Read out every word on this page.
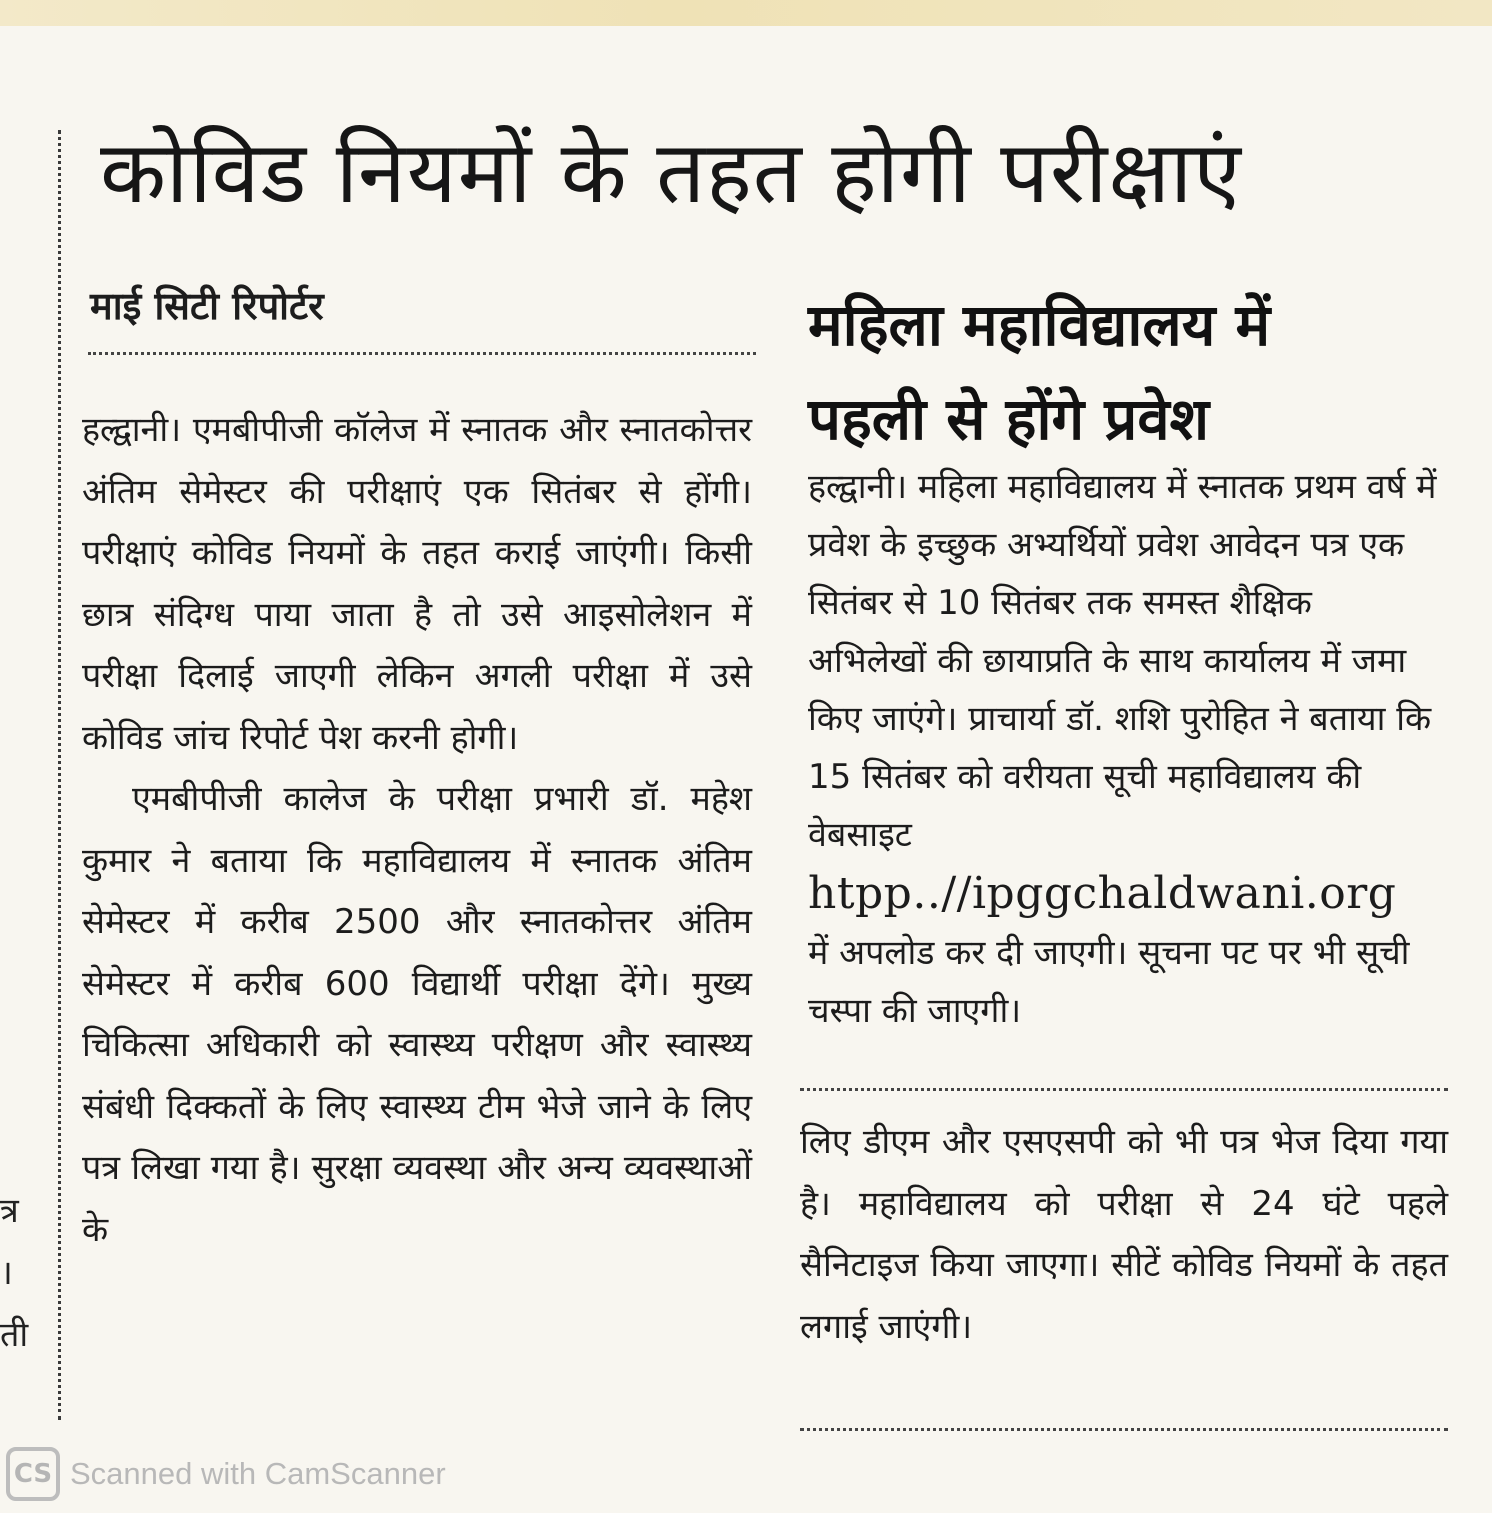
त्र
।
ती
कोविड नियमों के तहत होगी परीक्षाएं
माई सिटी रिपोर्टर

हल्द्वानी। एमबीपीजी कॉलेज में स्नातक और स्नातकोत्तर अंतिम सेमेस्टर की परीक्षाएं एक सितंबर से होंगी। परीक्षाएं कोविड नियमों के तहत कराई जाएंगी। किसी छात्र संदिग्ध पाया जाता है तो उसे आइसोलेशन में परीक्षा दिलाई जाएगी लेकिन अगली परीक्षा में उसे कोविड जांच रिपोर्ट पेश करनी होगी।

एमबीपीजी कालेज के परीक्षा प्रभारी डॉ. महेश कुमार ने बताया कि महाविद्यालय में स्नातक अंतिम सेमेस्टर में करीब 2500 और स्नातकोत्तर अंतिम सेमेस्टर में करीब 600 विद्यार्थी परीक्षा देंगे। मुख्य चिकित्सा अधिकारी को स्वास्थ्य परीक्षण और स्वास्थ्य संबंधी दिक्कतों के लिए स्वास्थ्य टीम भेजे जाने के लिए पत्र लिखा गया है। सुरक्षा व्यवस्था और अन्य व्यवस्थाओं के

महिला महाविद्यालय में
पहली से होंगे प्रवेश

हल्द्वानी। महिला महाविद्यालय में स्नातक प्रथम वर्ष में प्रवेश के इच्छुक अभ्यर्थियों प्रवेश आवेदन पत्र एक सितंबर से 10 सितंबर तक समस्त शैक्षिक अभिलेखों की छायाप्रति के साथ कार्यालय में जमा किए जाएंगे। प्राचार्या डॉ. शशि पुरोहित ने बताया कि 15 सितंबर को वरीयता सूची महाविद्यालय की वेबसाइट

htpp..//ipggchaldwani.org

में अपलोड कर दी जाएगी। सूचना पट पर भी सूची चस्पा की जाएगी।

लिए डीएम और एसएसपी को भी पत्र भेज दिया गया है। महाविद्यालय को परीक्षा से 24 घंटे पहले सैनिटाइज किया जाएगा। सीटें कोविड नियमों के तहत लगाई जाएंगी।

CS Scanned with CamScanner
